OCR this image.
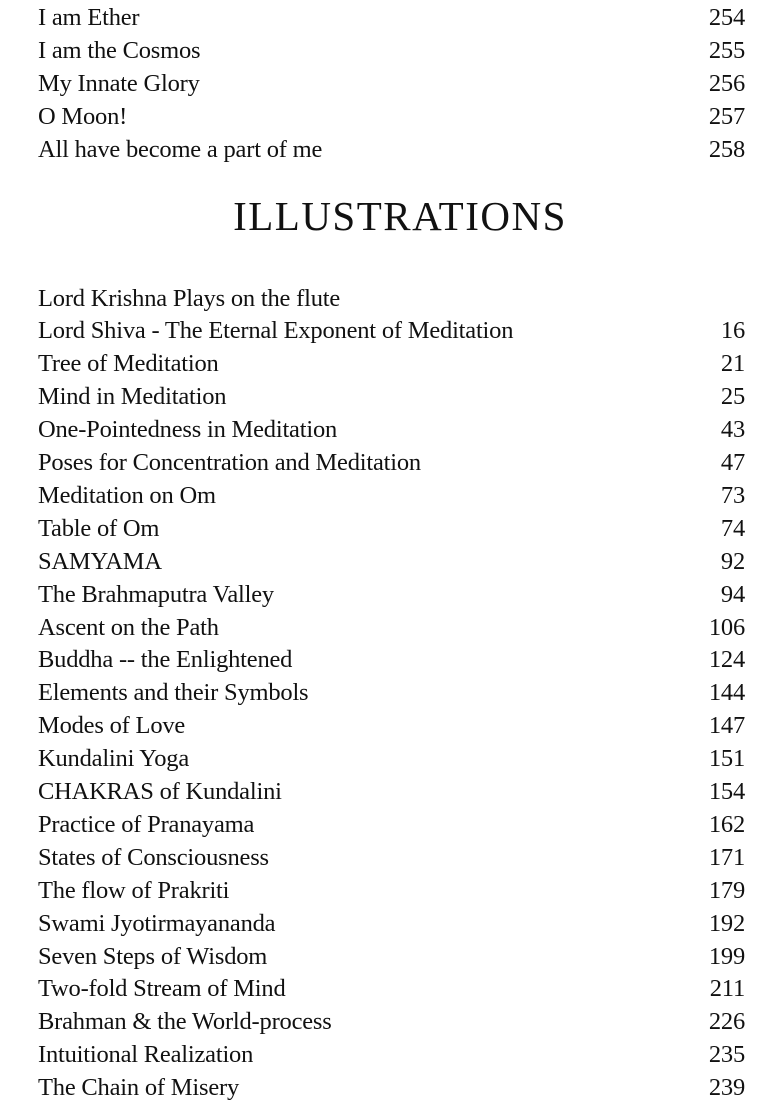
I am Ether	254
I am the Cosmos	255
My Innate Glory	256
O Moon!	257
All have become a part of me	258
ILLUSTRATIONS
Lord Krishna Plays on the flute
Lord Shiva - The Eternal Exponent of Meditation	16
Tree of Meditation	21
Mind in Meditation	25
One-Pointedness in Meditation	43
Poses for Concentration and Meditation	47
Meditation on Om	73
Table of Om	74
SAMYAMA	92
The Brahmaputra Valley	94
Ascent on the Path	106
Buddha -- the Enlightened	124
Elements and their Symbols	144
Modes of Love	147
Kundalini Yoga	151
CHAKRAS of Kundalini	154
Practice of Pranayama	162
States of Consciousness	171
The flow of Prakriti	179
Swami Jyotirmayananda	192
Seven Steps of Wisdom	199
Two-fold Stream of Mind	211
Brahman & the World-process	226
Intuitional Realization	235
The Chain of Misery	239
